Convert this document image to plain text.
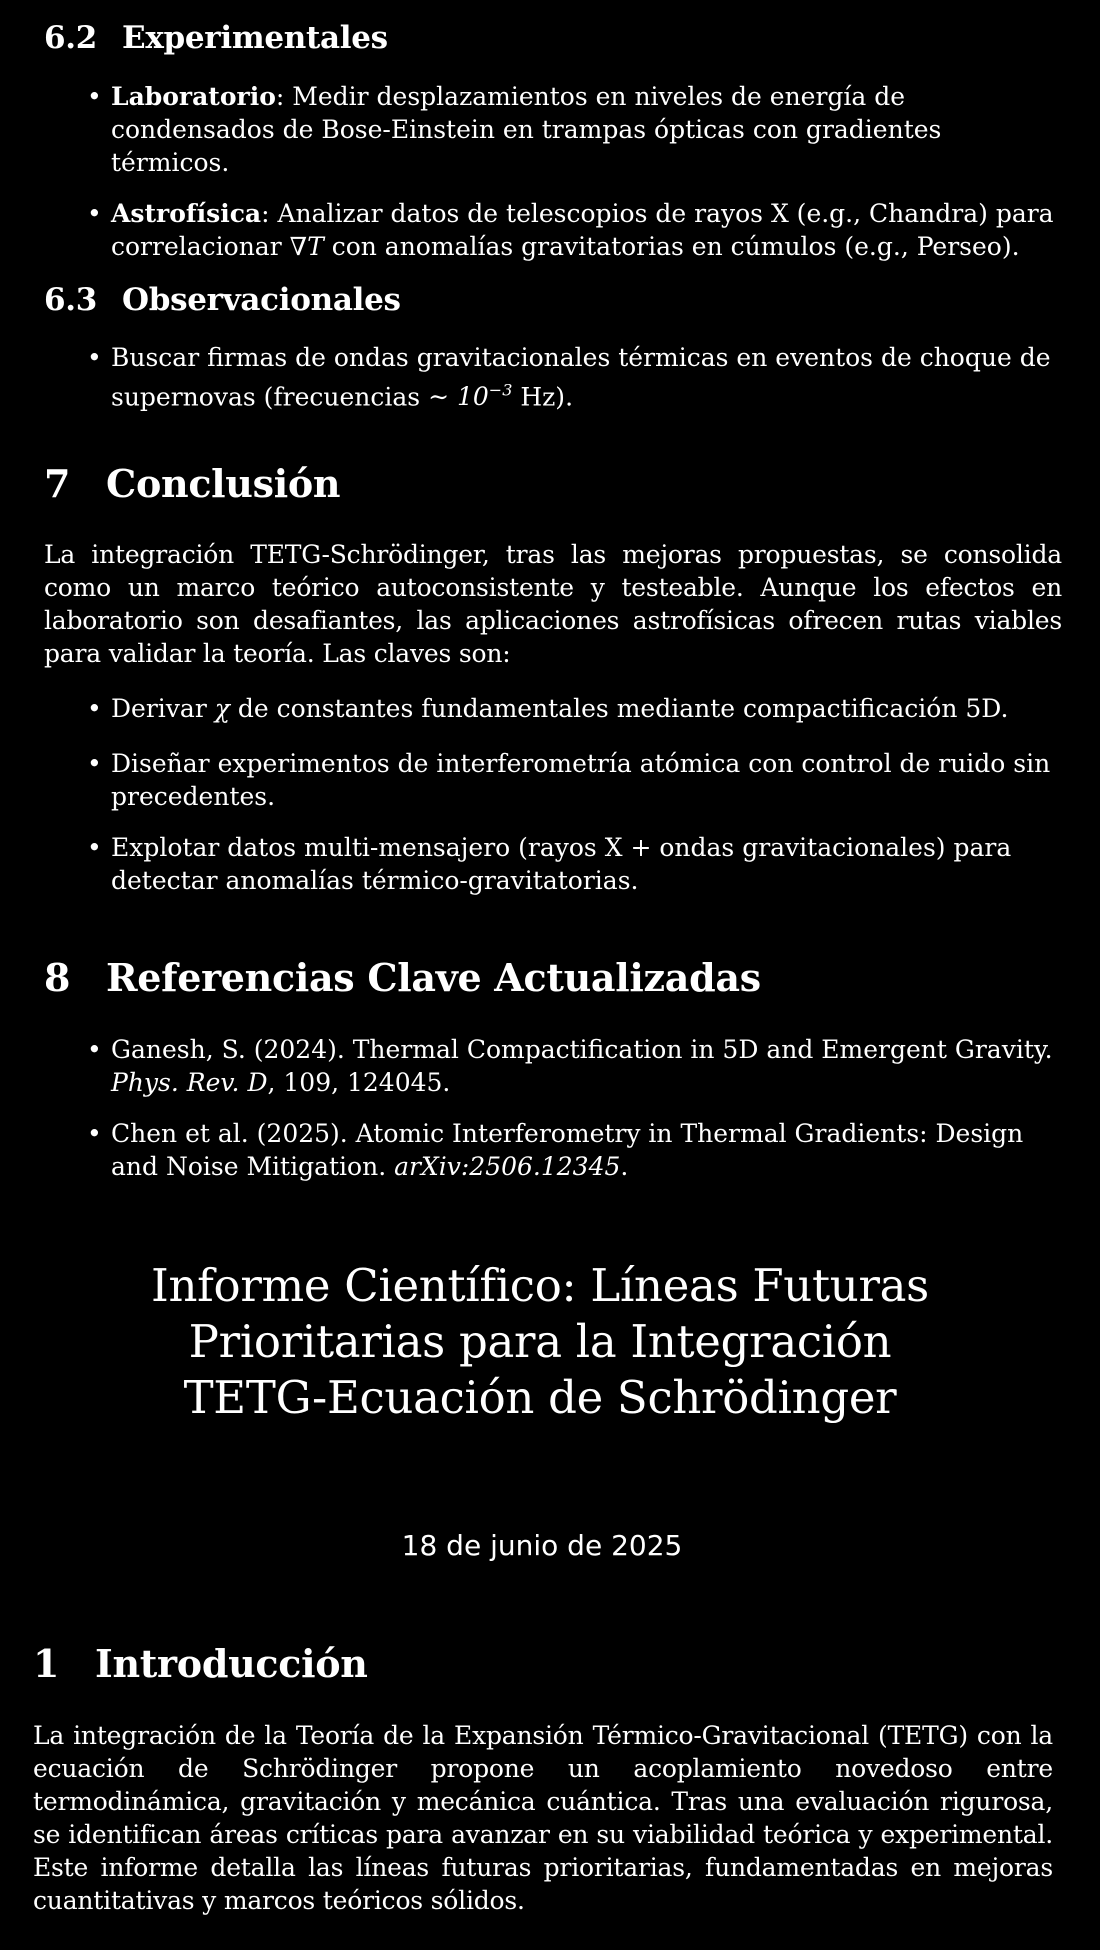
6.2 Experimentales
• Laboratorio: Medir desplazamientos en niveles de energía de condensados de Bose-Einstein en trampas ópticas con gradientes térmicos.
• Astrofísica: Analizar datos de telescopios de rayos X (e.g., Chandra) para correlacionar ∇T con anomalías gravitatorias en cúmulos (e.g., Perseo).
6.3 Observacionales
• Buscar firmas de ondas gravitacionales térmicas en eventos de choque de supernovas (frecuencias ∼ $10^{-3}$ Hz).
7 Conclusión

La integración TETG-Schrödinger, tras las mejoras propuestas, se consolida como un marco teórico autoconsistente y testeable. Aunque los efectos en laboratorio son desafiantes, las aplicaciones astrofísicas ofrecen rutas viables para validar la teoría. Las claves son:

• Derivar χ de constantes fundamentales mediante compactificación 5D.
• Diseñar experimentos de interferometría atómica con control de ruido sin precedentes.
• Explotar datos multi-mensajero (rayos X + ondas gravitacionales) para detectar anomalías térmico-gravitatorias.
8 Referencias Clave Actualizadas
• Ganesh, S. (2024). Thermal Compactification in 5D and Emergent Gravity. Phys. Rev. D, 109, 124045.
• Chen et al. (2025). Atomic Interferometry in Thermal Gradients: Design and Noise Mitigation. arXiv:2506.12345.
Informe Científico: Líneas Futuras Prioritarias para la Integración TETG-Ecuación de Schrödinger
18 de junio de 2025
1 Introducción

La integración de la Teoría de la Expansión Térmico-Gravitacional (TETG) con la ecuación de Schrödinger propone un acoplamiento novedoso entre termodinámica, gravitación y mecánica cuántica. Tras una evaluación rigurosa, se identifican áreas críticas para avanzar en su viabilidad teórica y experimental. Este informe detalla las líneas futuras prioritarias, fundamentadas en mejoras cuantitativas y marcos teóricos sólidos.
